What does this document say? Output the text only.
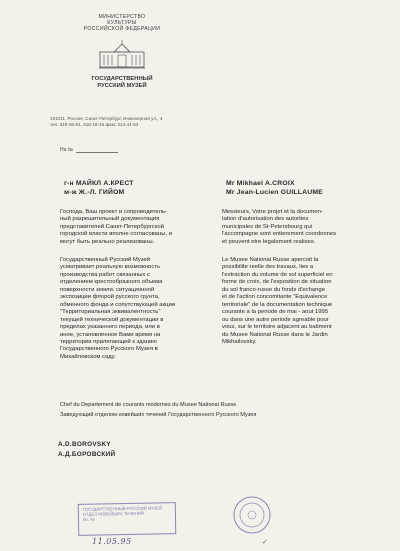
МИНИСТЕРСТВО
КУЛЬТУРЫ
РОССИЙСКОЙ ФЕДЕРАЦИИ
ГОСУДАРСТВЕННЫЙ
РУССКИЙ МУЗЕЙ
191011, Россия, Санкт-Петербург, Инженерная ул., 4
тел. 318-08-81, 318-19-16 факс 314-41-53
На №
г-н МАЙКЛ А.КРЕСТ
м-ж Ж.-Л. ГИЙОМ
Mr Mikhael A.CROIX
Mr Jean-Lucien GUILLAUME
Господа, Ваш проект и сопроводитель-
ный разрешительный документация
представителей Санкт-Петербургской
городской власти вполне согласованы, и
могут быть реально реализованы.
Государственный Русский Музей
усматривает реальную возможность
производства работ связанных с
отделением крестообразного объема
поверхности земли, ситуационной
экспозиции флорой русского грунта,
обменного фонда и сопутствующей акции
"Территориальная эквивалентность"
текущей технической документации в
пределах указанного периода, или в
иное, установленное Вами время на
территории прилегающей к зданию
Государственного Русского Музея в
Михайловском саду.
Messieurs, Votre projet et la documen-
tation d'autorisation des autorites
municipales de St-Petersbourg qui
l'accompagne sont entierement coordonnes
et peuvent etre legalement realises.
Le Musee National Russe apercoit la
possibilite reelle des travaux, lies a
l'extraction du volume de sol superficiel en
forme de croix, de l'exposition de situation
du sol franco-russe du fonds d'echange
et de l'action concomitante "Equivalence
territoriale" de la documentation technique
courante a la periode de mai - aout 1995
ou dans une autre periode agreable pour
vous, sur le territoire adjacent au batiment
du Musee National Russe dans le Jardin
Mikhailovsky.
Chef du Departement de courants modernes du Musee National Russe
Заведующий отделом новейших течений Государственного Русского Музея
A.D.BOROVSKY
А.Д.БОРОВСКИЙ
ГОСУДАРСТВЕННЫЙ РУССКИЙ МУЗЕЙ
ОТДЕЛ НОВЕЙШИХ ТЕЧЕНИЙ
Вх. №
11.05.95	✓
